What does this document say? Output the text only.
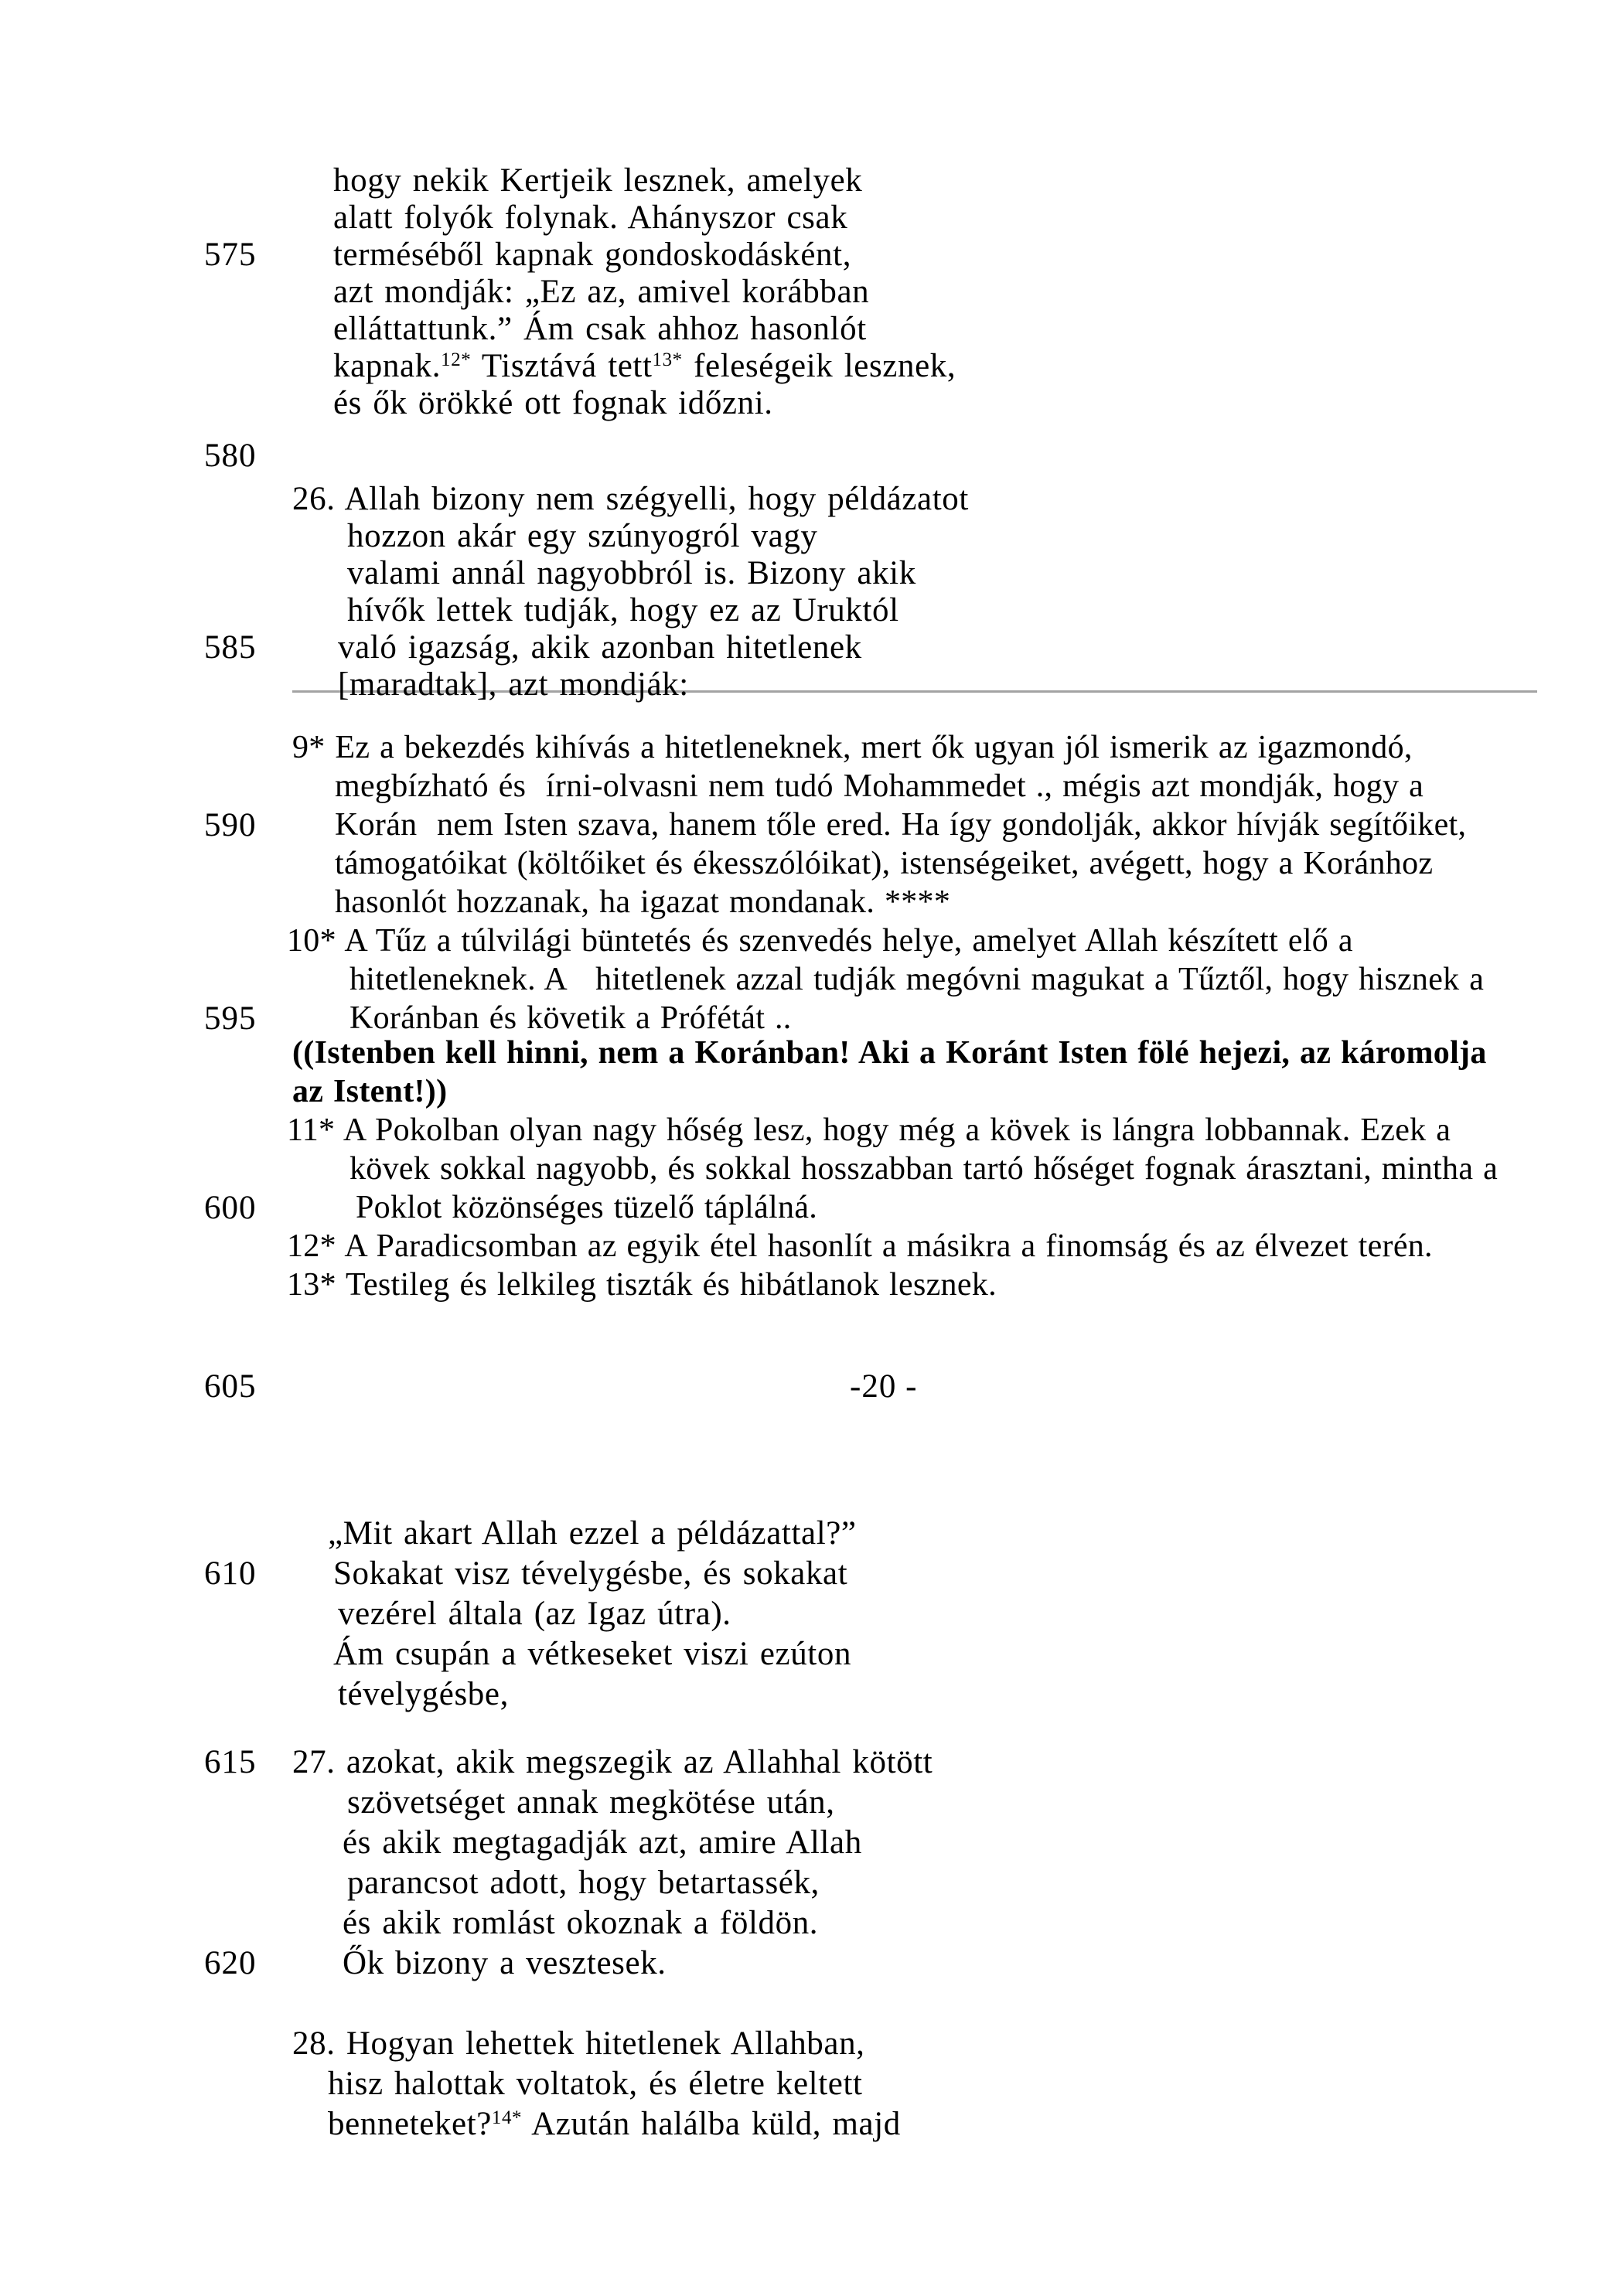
-20 -
hogy nekik Kertjeik lesznek, amelyek
alatt folyók folynak. Ahányszor csak
terméséből kapnak gondoskodásként,
azt mondják: „Ez az, amivel korábban
elláttattunk.” Ám csak ahhoz hasonlót
kapnak.$^{12*}$ Tisztává tett$^{13*}$ feleségeik lesznek,
és ők örökké ott fognak időzni.
26. Allah bizony nem szégyelli, hogy példázatot
hozzon akár egy szúnyogról vagy
valami annál nagyobbról is. Bizony akik
hívők lettek tudják, hogy ez az Uruktól
való igazság, akik azonban hitetlenek
[maradtak], azt mondják:
9* Ez a bekezdés kihívás a hitetleneknek, mert ők ugyan jól ismerik az igazmondó,
megbízható és  írni-olvasni nem tudó Mohammedet ., mégis azt mondják, hogy a
Korán  nem Isten szava, hanem tőle ered. Ha így gondolják, akkor hívják segítőiket,
támogatóikat (költőiket és ékesszólóikat), istenségeiket, avégett, hogy a Koránhoz
hasonlót hozzanak, ha igazat mondanak. ****
10* A Tűz a túlvilági büntetés és szenvedés helye, amelyet Allah készített elő a
hitetleneknek. A   hitetlenek azzal tudják megóvni magukat a Tűztől, hogy hisznek a
Koránban és követik a Prófétát ..
((Istenben kell hinni, nem a Koránban! Aki a Koránt Isten fölé hejezi, az káromolja
az Istent!))
11* A Pokolban olyan nagy hőség lesz, hogy még a kövek is lángra lobbannak. Ezek a
kövek sokkal nagyobb, és sokkal hosszabban tartó hőséget fognak árasztani, mintha a
Poklot közönséges tüzelő táplálná.
12* A Paradicsomban az egyik étel hasonlít a másikra a finomság és az élvezet terén.
13* Testileg és lelkileg tiszták és hibátlanok lesznek.
„Mit akart Allah ezzel a példázattal?”
Sokakat visz tévelygésbe, és sokakat
vezérel általa (az Igaz útra).
Ám csupán a vétkeseket viszi ezúton
tévelygésbe,
27. azokat, akik megszegik az Allahhal kötött
szövetséget annak megkötése után,
és akik megtagadják azt, amire Allah
parancsot adott, hogy betartassék,
és akik romlást okoznak a földön.
Ők bizony a vesztesek.
28. Hogyan lehettek hitetlenek Allahban,
hisz halottak voltatok, és életre keltett
benneteket?$^{14*}$ Azután halálba küld, majd
575
580
585
590
595
600
605
610
615
620
